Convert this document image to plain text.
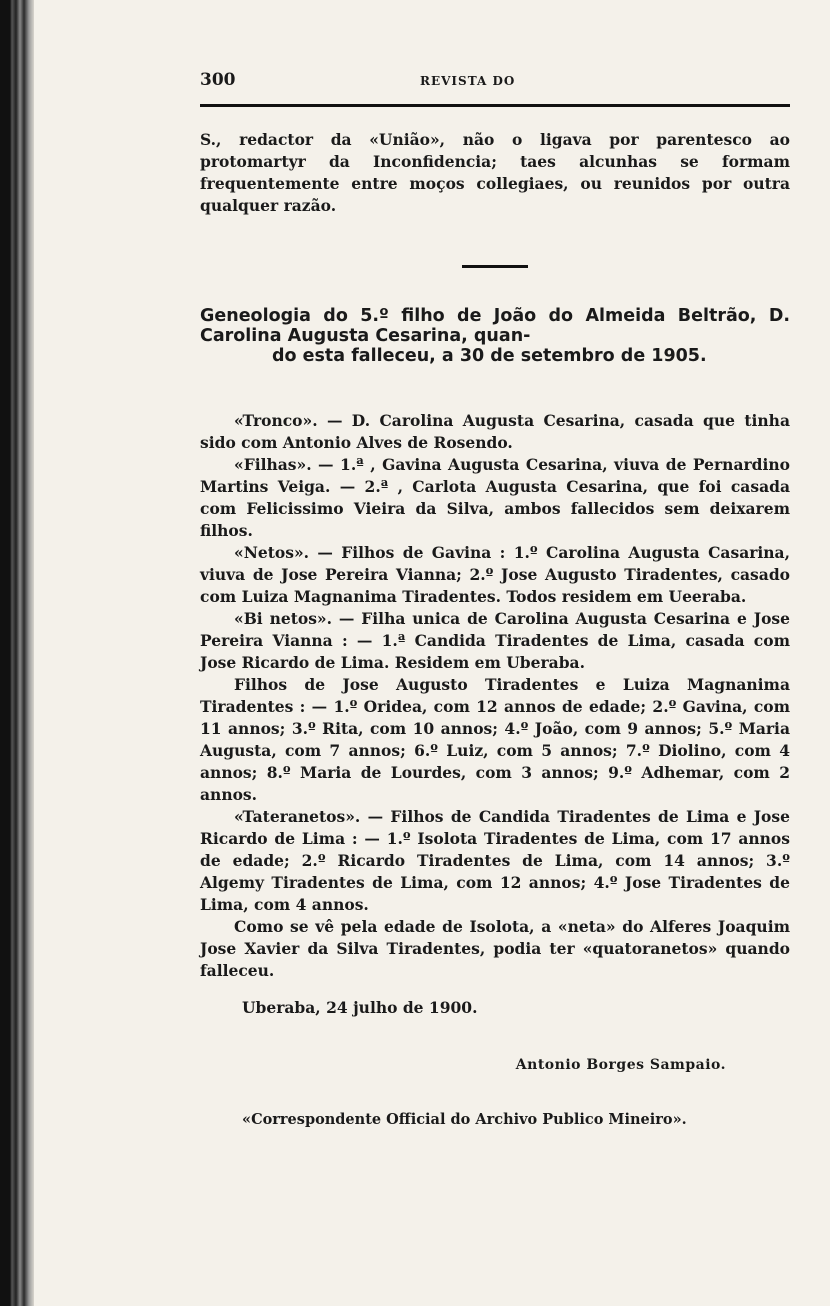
300	REVISTA DO

S., redactor da «União», não o ligava por parentesco ao protomartyr da Inconfidencia; taes alcunhas se formam frequentemente entre moços collegiaes, ou reunidos por outra qualquer razão.

Geneologia do 5.º filho de João do Almeida Beltrão, D. Carolina Augusta Cesarina, quan-
do esta falleceu, a 30 de setembro de 1905.

«Tronco». — D. Carolina Augusta Cesarina, casada que tinha sido com Antonio Alves de Rosendo.

«Filhas». — 1.ª , Gavina Augusta Cesarina, viuva de Pernardino Martins Veiga. — 2.ª , Carlota Augusta Cesarina, que foi casada com Felicissimo Vieira da Silva, ambos fallecidos sem deixarem filhos.

«Netos». — Filhos de Gavina : 1.º Carolina Augusta Casarina, viuva de Jose Pereira Vianna; 2.º Jose Augusto Tiradentes, casado com Luiza Magnanima Tiradentes. Todos residem em Ueeraba.

«Bi netos». — Filha unica de Carolina Augusta Cesarina e Jose Pereira Vianna : — 1.ª Candida Tiradentes de Lima, casada com Jose Ricardo de Lima. Residem em Uberaba.

Filhos de Jose Augusto Tiradentes e Luiza Magnanima Tiradentes : — 1.º Oridea, com 12 annos de edade; 2.º Gavina, com 11 annos; 3.º Rita, com 10 annos; 4.º João, com 9 annos; 5.º Maria Augusta, com 7 annos; 6.º Luiz, com 5 annos; 7.º Diolino, com 4 annos; 8.º Maria de Lourdes, com 3 annos; 9.º Adhemar, com 2 annos.

«Tateranetos». — Filhos de Candida Tiradentes de Lima e Jose Ricardo de Lima : — 1.º Isolota Tiradentes de Lima, com 17 annos de edade; 2.º Ricardo Tiradentes de Lima, com 14 annos; 3.º Algemy Tiradentes de Lima, com 12 annos; 4.º Jose Tiradentes de Lima, com 4 annos.

Como se vê pela edade de Isolota, a «neta» do Alferes Joaquim Jose Xavier da Silva Tiradentes, podia ter «quatoranetos» quando falleceu.

Uberaba, 24 julho de 1900.
Antonio Borges Sampaio.
«Correspondente Official do Archivo Publico Mineiro».
